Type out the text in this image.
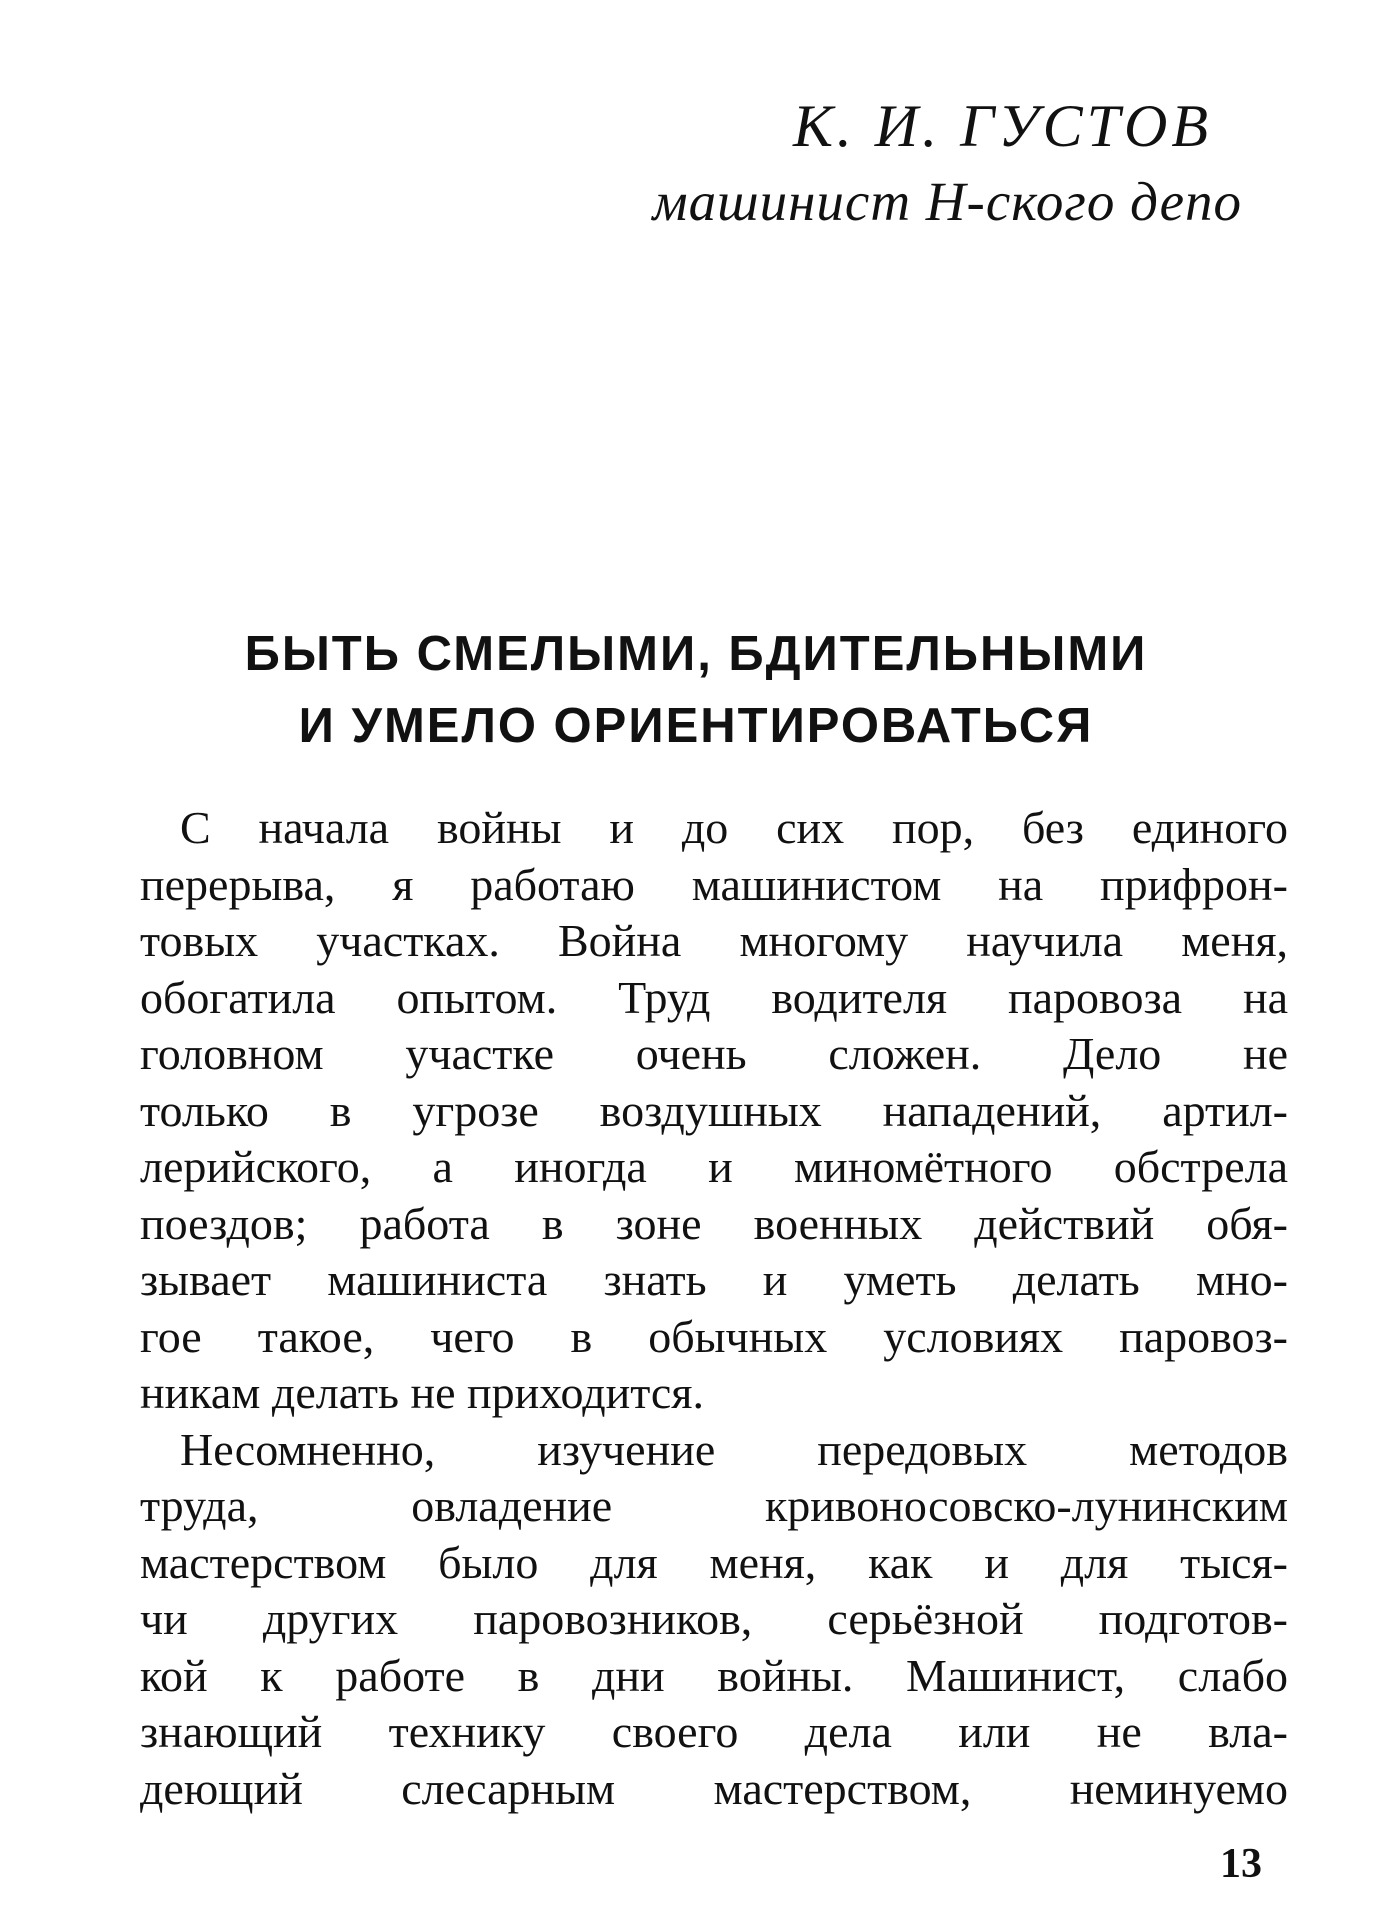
К. И. ГУСТОВ
машинист Н-ского депо
БЫТЬ СМЕЛЫМИ, БДИТЕЛЬНЫМИ
И УМЕЛО ОРИЕНТИРОВАТЬСЯ

С начала войны и до сих пор, без единого
перерыва, я работаю машинистом на прифрон-
товых участках. Война многому научила меня,
обогатила опытом. Труд водителя паровоза на
головном участке очень сложен. Дело не
только в угрозе воздушных нападений, артил-
лерийского, а иногда и миномётного обстрела
поездов; работа в зоне военных действий обя-
зывает машиниста знать и уметь делать мно-
гое такое, чего в обычных условиях паровоз-
никам делать не приходится.

Несомненно, изучение передовых методов
труда, овладение кривоносовско-лунинским
мастерством было для меня, как и для тыся-
чи других паровозников, серьёзной подготов-
кой к работе в дни войны. Машинист, слабо
знающий технику своего дела или не вла-
деющий слесарным мастерством, неминуемо

13
